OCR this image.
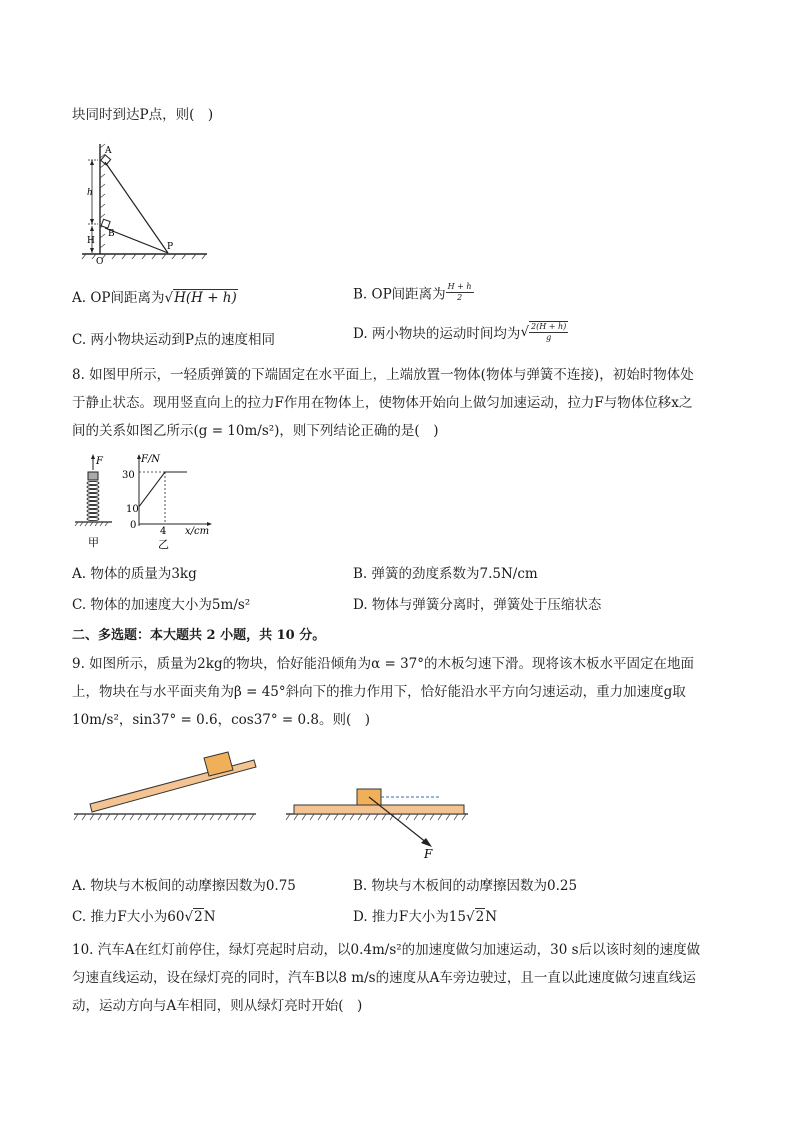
块同时到达P点，则(　)
A
h
B
H
O
P
A. OP间距离为√H(H + h)	B. OP间距离为 $\frac{H + h}{2}$
C. 两小物块运动到P点的速度相同	D. 两小物块的运动时间均为√ $\frac{2(H + h)}{g}$
8. 如图甲所示，一轻质弹簧的下端固定在水平面上，上端放置一物体(物体与弹簧不连接)，初始时物体处
于静止状态。现用竖直向上的拉力F作用在物体上，使物体开始向上做匀加速运动，拉力F与物体位移x之
间的关系如图乙所示(g = 10m/s²)，则下列结论正确的是(　)
F
甲
F/N
x/cm
30
10
0
4
乙
A. 物体的质量为3kg	B. 弹簧的劲度系数为7.5N/cm
C. 物体的加速度大小为5m/s²	D. 物体与弹簧分离时，弹簧处于压缩状态
二、多选题：本大题共 2 小题，共 10 分。
9. 如图所示，质量为2kg的物块，恰好能沿倾角为α = 37°的木板匀速下滑。现将该木板水平固定在地面
上，物块在与水平面夹角为β = 45°斜向下的推力作用下，恰好能沿水平方向匀速运动，重力加速度g取
10m/s²，sin37° = 0.6，cos37° = 0.8。则(　)
F
A. 物块与木板间的动摩擦因数为0.75	B. 物块与木板间的动摩擦因数为0.25
C. 推力F大小为60√2N	D. 推力F大小为15√2N
10. 汽车A在红灯前停住，绿灯亮起时启动，以0.4m/s²的加速度做匀加速运动，30 s后以该时刻的速度做
匀速直线运动，设在绿灯亮的同时，汽车B以8 m/s的速度从A车旁边驶过，且一直以此速度做匀速直线运
动，运动方向与A车相同，则从绿灯亮时开始(　)
